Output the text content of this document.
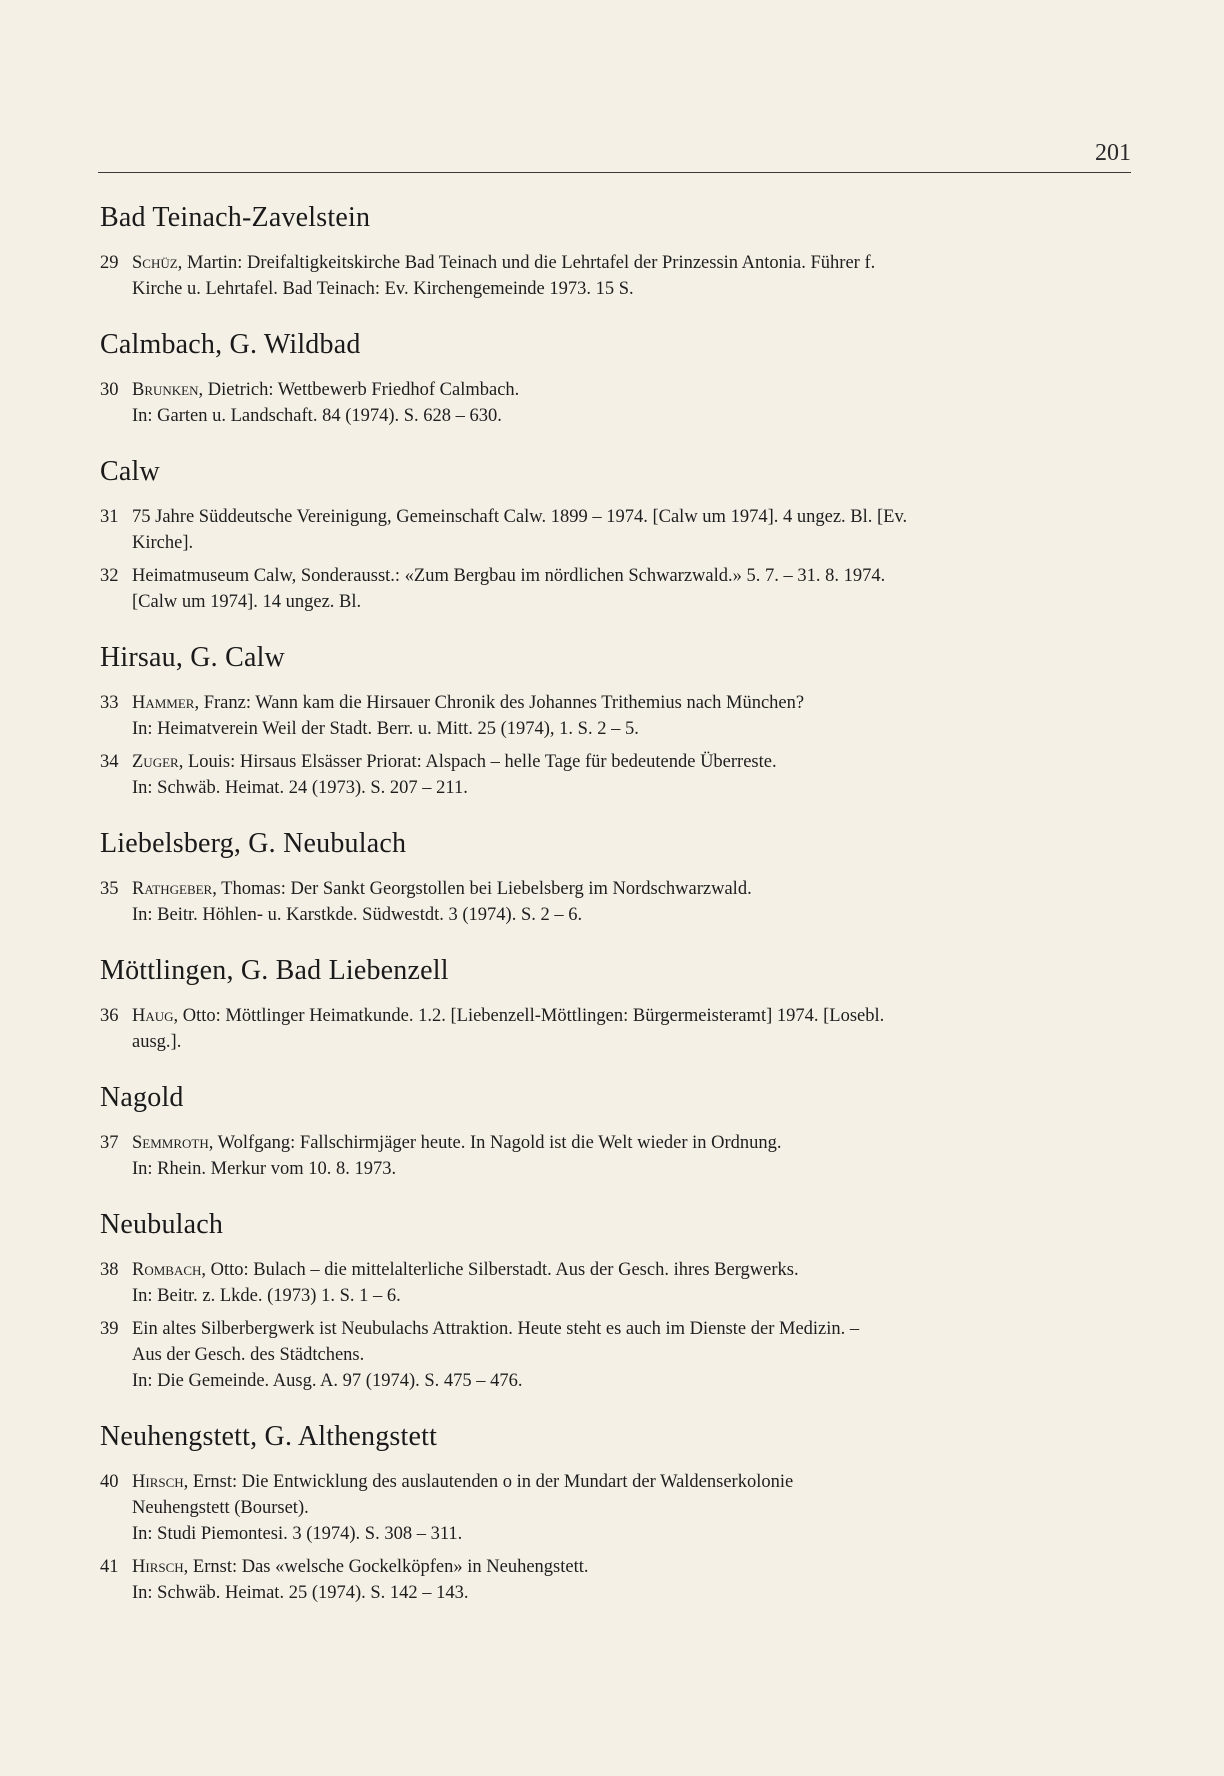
201
Bad Teinach-Zavelstein
29 Schüz, Martin: Dreifaltigkeitskirche Bad Teinach und die Lehrtafel der Prinzessin Antonia. Führer f.
Kirche u. Lehrtafel. Bad Teinach: Ev. Kirchengemeinde 1973. 15 S.
Calmbach, G. Wildbad
30 Brunken, Dietrich: Wettbewerb Friedhof Calmbach.
In: Garten u. Landschaft. 84 (1974). S. 628 – 630.
Calw
31 75 Jahre Süddeutsche Vereinigung, Gemeinschaft Calw. 1899 – 1974. [Calw um 1974]. 4 ungez. Bl. [Ev.
Kirche].
32 Heimatmuseum Calw, Sonderausst.: «Zum Bergbau im nördlichen Schwarzwald.» 5. 7. – 31. 8. 1974.
[Calw um 1974]. 14 ungez. Bl.
Hirsau, G. Calw
33 Hammer, Franz: Wann kam die Hirsauer Chronik des Johannes Trithemius nach München?
In: Heimatverein Weil der Stadt. Berr. u. Mitt. 25 (1974), 1. S. 2 – 5.
34 Zuger, Louis: Hirsaus Elsässer Priorat: Alspach – helle Tage für bedeutende Überreste.
In: Schwäb. Heimat. 24 (1973). S. 207 – 211.
Liebelsberg, G. Neubulach
35 Rathgeber, Thomas: Der Sankt Georgstollen bei Liebelsberg im Nordschwarzwald.
In: Beitr. Höhlen- u. Karstkde. Südwestdt. 3 (1974). S. 2 – 6.
Möttlingen, G. Bad Liebenzell
36 Haug, Otto: Möttlinger Heimatkunde. 1.2. [Liebenzell-Möttlingen: Bürgermeisteramt] 1974. [Losebl.
ausg.].
Nagold
37 Semmroth, Wolfgang: Fallschirmjäger heute. In Nagold ist die Welt wieder in Ordnung.
In: Rhein. Merkur vom 10. 8. 1973.
Neubulach
38 Rombach, Otto: Bulach – die mittelalterliche Silberstadt. Aus der Gesch. ihres Bergwerks.
In: Beitr. z. Lkde. (1973) 1. S. 1 – 6.
39 Ein altes Silberbergwerk ist Neubulachs Attraktion. Heute steht es auch im Dienste der Medizin. –
Aus der Gesch. des Städtchens.
In: Die Gemeinde. Ausg. A. 97 (1974). S. 475 – 476.
Neuhengstett, G. Althengstett
40 Hirsch, Ernst: Die Entwicklung des auslautenden o in der Mundart der Waldenserkolonie
Neuhengstett (Bourset).
In: Studi Piemontesi. 3 (1974). S. 308 – 311.
41 Hirsch, Ernst: Das «welsche Gockelköpfen» in Neuhengstett.
In: Schwäb. Heimat. 25 (1974). S. 142 – 143.
